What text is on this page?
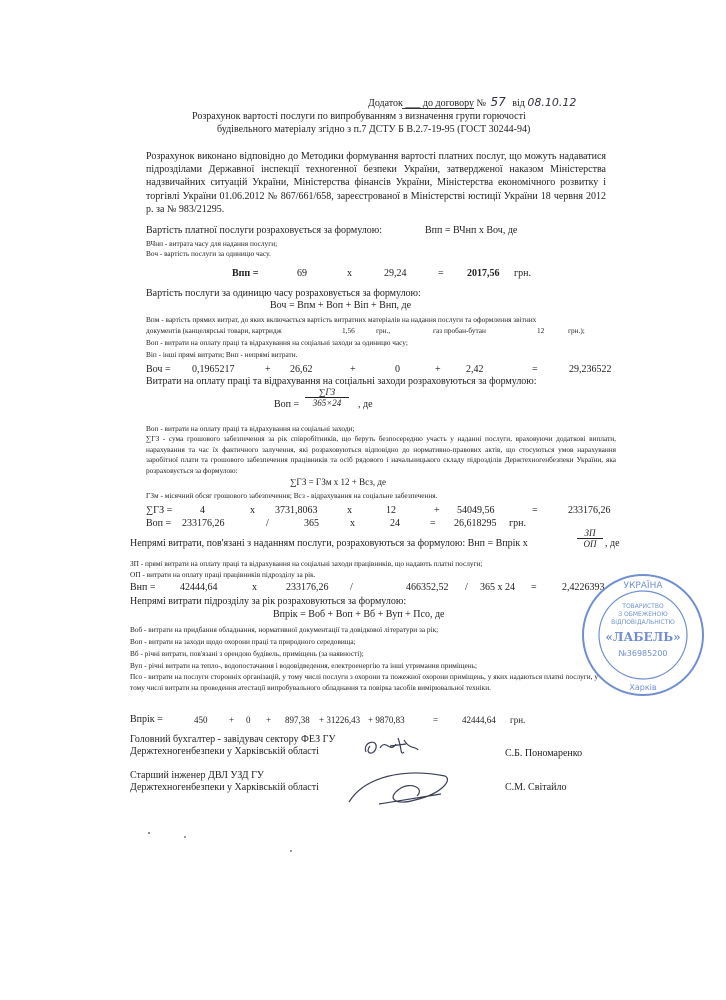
Додаток ___ до договору № 57 від 08.10.12
Розрахунок вартості послуги по випробуванням з визначення групи горючості
будівельного матеріалу згідно з п.7 ДСТУ Б В.2.7-19-95 (ГОСТ 30244-94)
Розрахунок виконано відповідно до Методики формування вартості платних послуг, що можуть надаватися підрозділами Державної інспекції техногенної безпеки України, затвердженої наказом Міністерства надзвичайних ситуацій України, Міністерства фінансів України, Міністерства економічного розвитку і торгівлі України 01.06.2012 № 867/661/658, зареєстрованої в Міністерстві юстиції України 18 червня 2012 р. за № 983/21295.
Вартість платної послуги розраховується за формулою:	Впп = ВЧнп х Воч, де
ВЧнп - витрата часу для надання послуги;
Воч - вартість послуги за одиницю часу.
Впп =	69	х	29,24	= 2017,56 грн.
Вартість послуги за одиницю часу розраховується за формулою:
Воч = Впм + Воп + Віп + Внп, де
Впм - вартість прямих витрат, до яких включається вартість витратних матеріалів на надання послуги та оформлення звітних
документів (канцелярські товари, картридж	1,56	грн.,	газ пробан-бутан	12	грн.);
Воп - витрати на оплату праці та відрахування на соціальні заходи за одиницю часу;
Віп - інші прямі витрати; Внп - непрямі витрати.
Воч = 0,1965217	+ 26,62	+	0	+	2,42	=	29,236522
Витрати на оплату праці та відрахування на соціальні заходи розраховуються за формулою:
Воп =
∑ГЗ
365×24	, де
Воп - витрати на оплату праці та відрахування на соціальні заходи;
∑ГЗ - сума грошового забезпечення за рік співробітників, що беруть безпосередню участь у наданні послуги, враховуючи додаткові виплати, нарахування та час їх фактичного залучення, які розраховуються відповідно до нормативно-правових актів, що стосуються умов нарахування заробітної плати та грошового забезпечення працівників та осіб рядового і начальницького складу підрозділів Держтехногенбезпеки України, яка розраховується за формулою:
∑ГЗ = ГЗм х 12 + Всз, де
ГЗм - місячний обсяг грошового забезпечення; Всз - відрахування на соціальне забезпечення.
∑ГЗ =	4	х 3731,8063	х	12	+ 54049,56	=	233176,26
Воп = 233176,26	/	365	х	24	= 26,618295 грн.
Непрямі витрати, пов'язані з наданням послуги, розраховуються за формулою: Внп = Впрік х
ЗП
ОП , де
ЗП - прямі витрати на оплату праці та відрахування на соціальні заходи працівників, що надають платні послуги;
ОП - витрати на оплату праці працівників підрозділу за рік.
Внп = 42444,64	х	233176,26 /	466352,52 / 365 х 24 =	2,4226393
Непрямі витрати підрозділу за рік розраховуються за формулою:
Впрік = Воб + Воп + Вб + Вуп + Псо, де
Воб - витрати на придбання обладнання, нормативної документації та довідкової літератури за рік;
Воп - витрати на заходи щодо охорони праці та природного середовища;
Вб - річні витрати, пов'язані з орендою будівель, приміщень (за наявності);
Вуп - річні витрати на тепло-, водопостачання і водовідведення, електроенергію та інші утримання приміщень;
Псо - витрати на послуги сторонніх організацій, у тому числі послуги з охорони та пожежної охорони приміщень, у яких надаються платні послуги, у тому числі витрати на проведення атестації випробувального обладнання та повірка засобів вимірювальної техніки.
Впрік =	450 + 0 + 897,38 + 31226,43 + 9870,83	=	42444,64 грн.
Головний бухгалтер - завідувач сектору ФЕЗ ГУ
Держтехногенбезпеки у Харківській області	С.Б. Пономаренко
Старший інженер ДВЛ УЗД ГУ
Держтехногенбезпеки у Харківській області	С.М. Світайло
УКРАЇНА
Харків
ТОВАРИСТВО
З ОБМЕЖЕНОЮ
ВІДПОВІДАЛЬНІСТЮ
«ЛАБЕЛЬ»
№36985200
